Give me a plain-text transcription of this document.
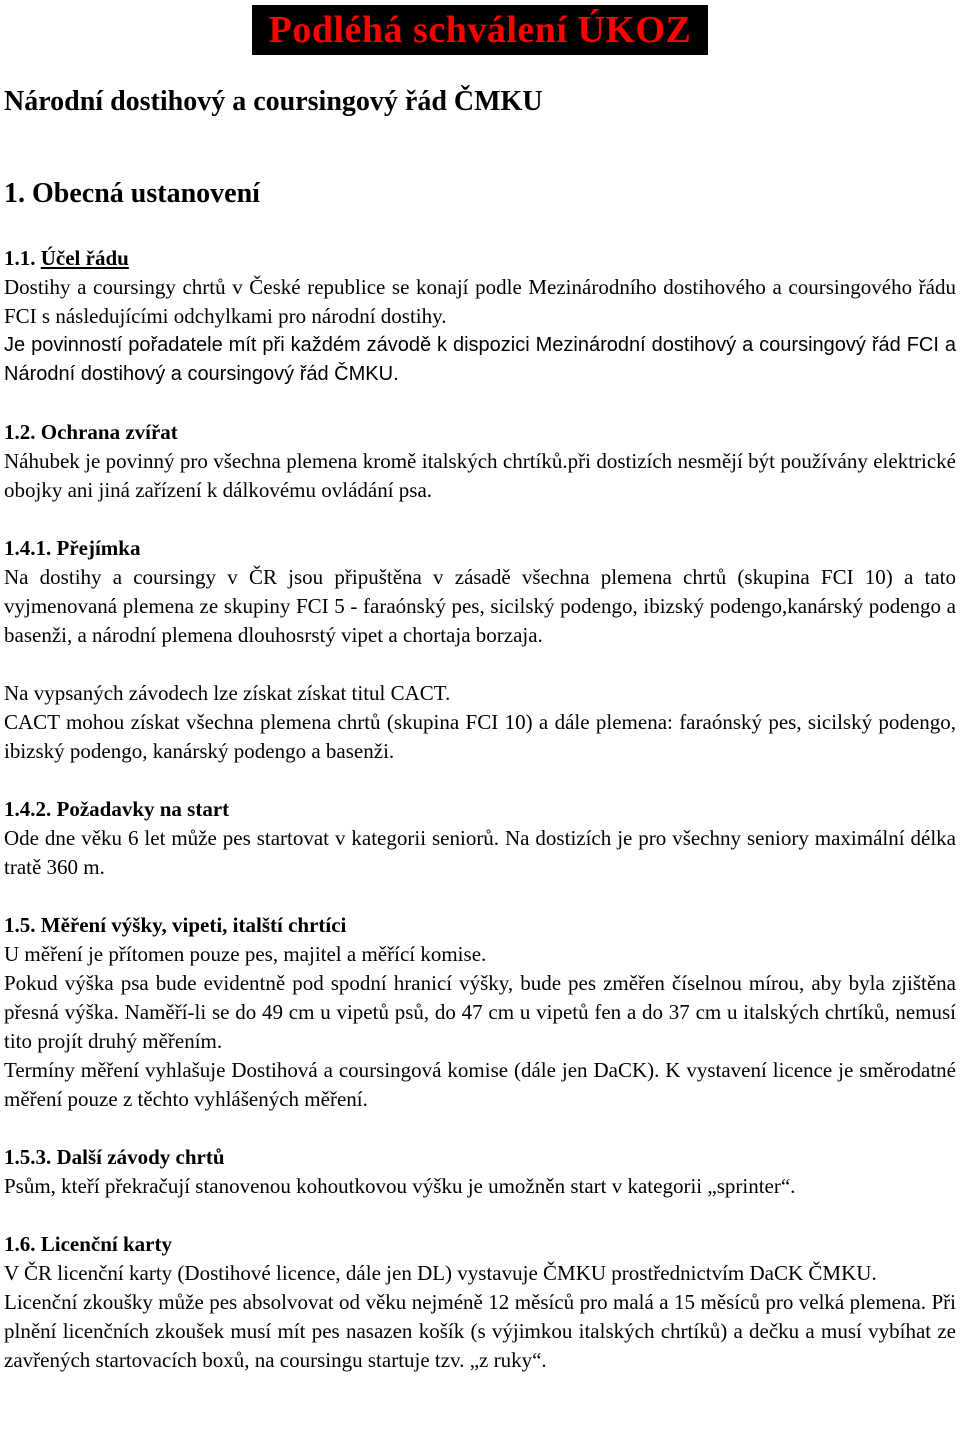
Podléhá schválení ÚKOZ
Národní dostihový a coursingový řád ČMKU
1. Obecná ustanovení
1.1. Účel řádu

Dostihy a coursingy chrtů v České republice se konají podle Mezinárodního dostihového a coursingového řádu FCI s následujícími odchylkami pro národní dostihy.

Je povinností pořadatele mít při každém závodě k dispozici Mezinárodní dostihový a coursingový řád FCI a Národní dostihový a coursingový řád ČMKU.

1.2. Ochrana zvířat

Náhubek je povinný pro všechna plemena kromě italských chrtíků.při dostizích nesmějí být používány elektrické obojky ani jiná zařízení k dálkovému ovládání psa.

1.4.1. Přejímka

Na dostihy a coursingy v ČR jsou připuštěna v zásadě všechna plemena chrtů (skupina FCI 10) a tato vyjmenovaná plemena ze skupiny FCI 5 - faraónský pes, sicilský podengo, ibizský podengo,kanárský podengo a basenži, a národní plemena dlouhosrstý vipet a chortaja borzaja.

Na vypsaných závodech lze získat získat titul CACT.

CACT mohou získat všechna plemena chrtů (skupina FCI 10) a dále plemena: faraónský pes, sicilský podengo, ibizský podengo, kanárský podengo a basenži.

1.4.2. Požadavky na start

Ode dne věku 6 let může pes startovat v kategorii seniorů. Na dostizích je pro všechny seniory maximální délka tratě 360 m.

1.5. Měření výšky, vipeti, italští chrtíci

U měření je přítomen pouze pes, majitel a měřící komise.

Pokud výška psa bude evidentně pod spodní hranicí výšky, bude pes změřen číselnou mírou, aby byla zjištěna přesná výška. Naměří-li se do 49 cm u vipetů psů, do 47 cm u vipetů fen a do 37 cm u italských chrtíků, nemusí tito projít druhý měřením.

Termíny měření vyhlašuje Dostihová a coursingová komise (dále jen DaCK). K vystavení licence je směrodatné měření pouze z těchto vyhlášených měření.

1.5.3. Další závody chrtů

Psům, kteří překračují stanovenou kohoutkovou výšku je umožněn start v kategorii „sprinter“.

1.6. Licenční karty

V ČR licenční karty (Dostihové licence, dále jen DL) vystavuje ČMKU prostřednictvím DaCK ČMKU.

Licenční zkoušky může pes absolvovat od věku nejméně 12 měsíců pro malá a 15 měsíců pro velká plemena. Při plnění licenčních zkoušek musí mít pes nasazen košík (s výjimkou italských chrtíků) a dečku a musí vybíhat ze zavřených startovacích boxů, na coursingu startuje tzv. „z ruky“.
